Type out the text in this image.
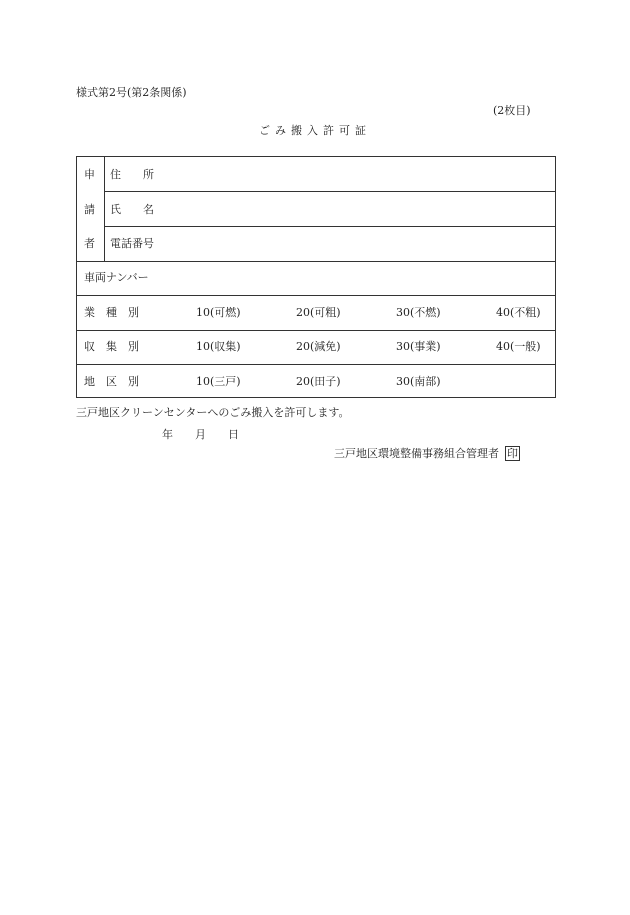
様式第2号(第2条関係)
(2枚目)
ごみ搬入許可証
申
請
者
住　　所
氏　　名
電話番号
車両ナンバー
業　種　別	10(可燃)	20(可粗)	30(不燃)	40(不粗)
収　集　別	10(収集)	20(減免)	30(事業)	40(一般)
地　区　別	10(三戸)	20(田子)	30(南部)
三戸地区クリーンセンターへのごみ搬入を許可します。
年　　月　　日
三戸地区環境整備事務組合管理者 印
